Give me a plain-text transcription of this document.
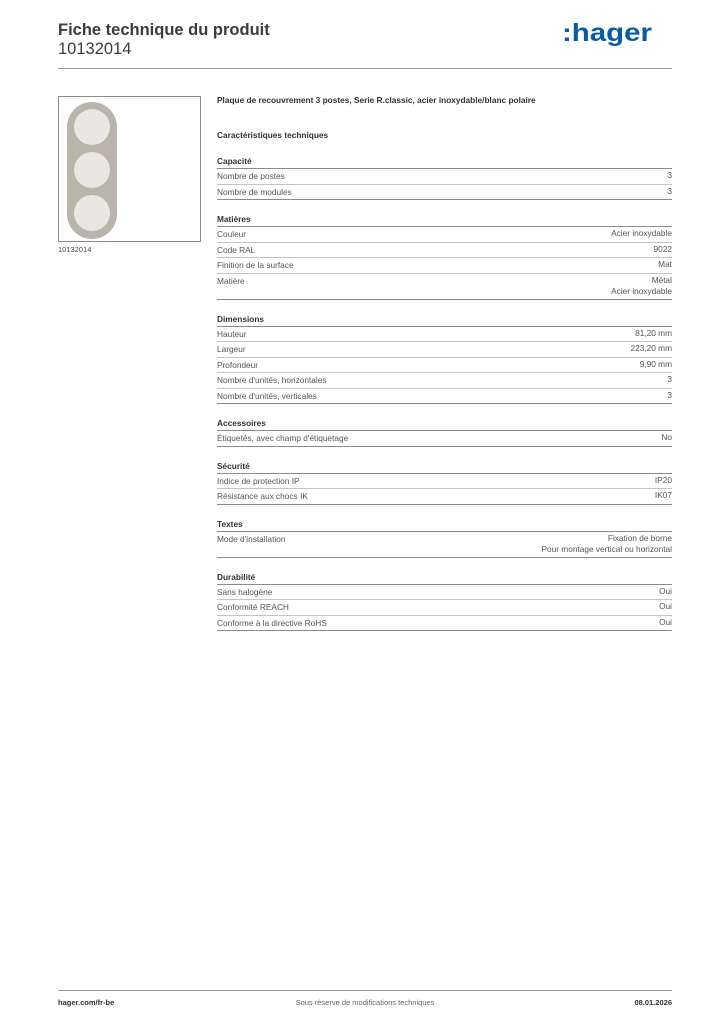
Fiche technique du produit
10132014
:hager
10132014
Plaque de recouvrement 3 postes, Serie R.classic, acier inoxydable/blanc polaire
Caractéristiques techniques
Capacité
Nombre de postes	3
Nombre de modules	3
Matières
Couleur	Acier inoxydable
Code RAL	9022
Finition de la surface	Mat
Matière	Métal
Acier inoxydable
Dimensions
Hauteur	81,20 mm
Largeur	223,20 mm
Profondeur	9,90 mm
Nombre d'unités, horizontales	3
Nombre d'unités, verticales	3
Accessoires
Étiquetés, avec champ d'étiquetage	No
Sécurité
Indice de protection IP	IP20
Résistance aux chocs IK	IK07
Textes
Mode d'installation	Fixation de borne
Pour montage vertical ou horizontal
Durabilité
Sans halogène	Oui
Conformité REACH	Oui
Conforme à la directive RoHS	Oui
hager.com/fr-be	Sous réserve de modifications techniques	08.01.2026
